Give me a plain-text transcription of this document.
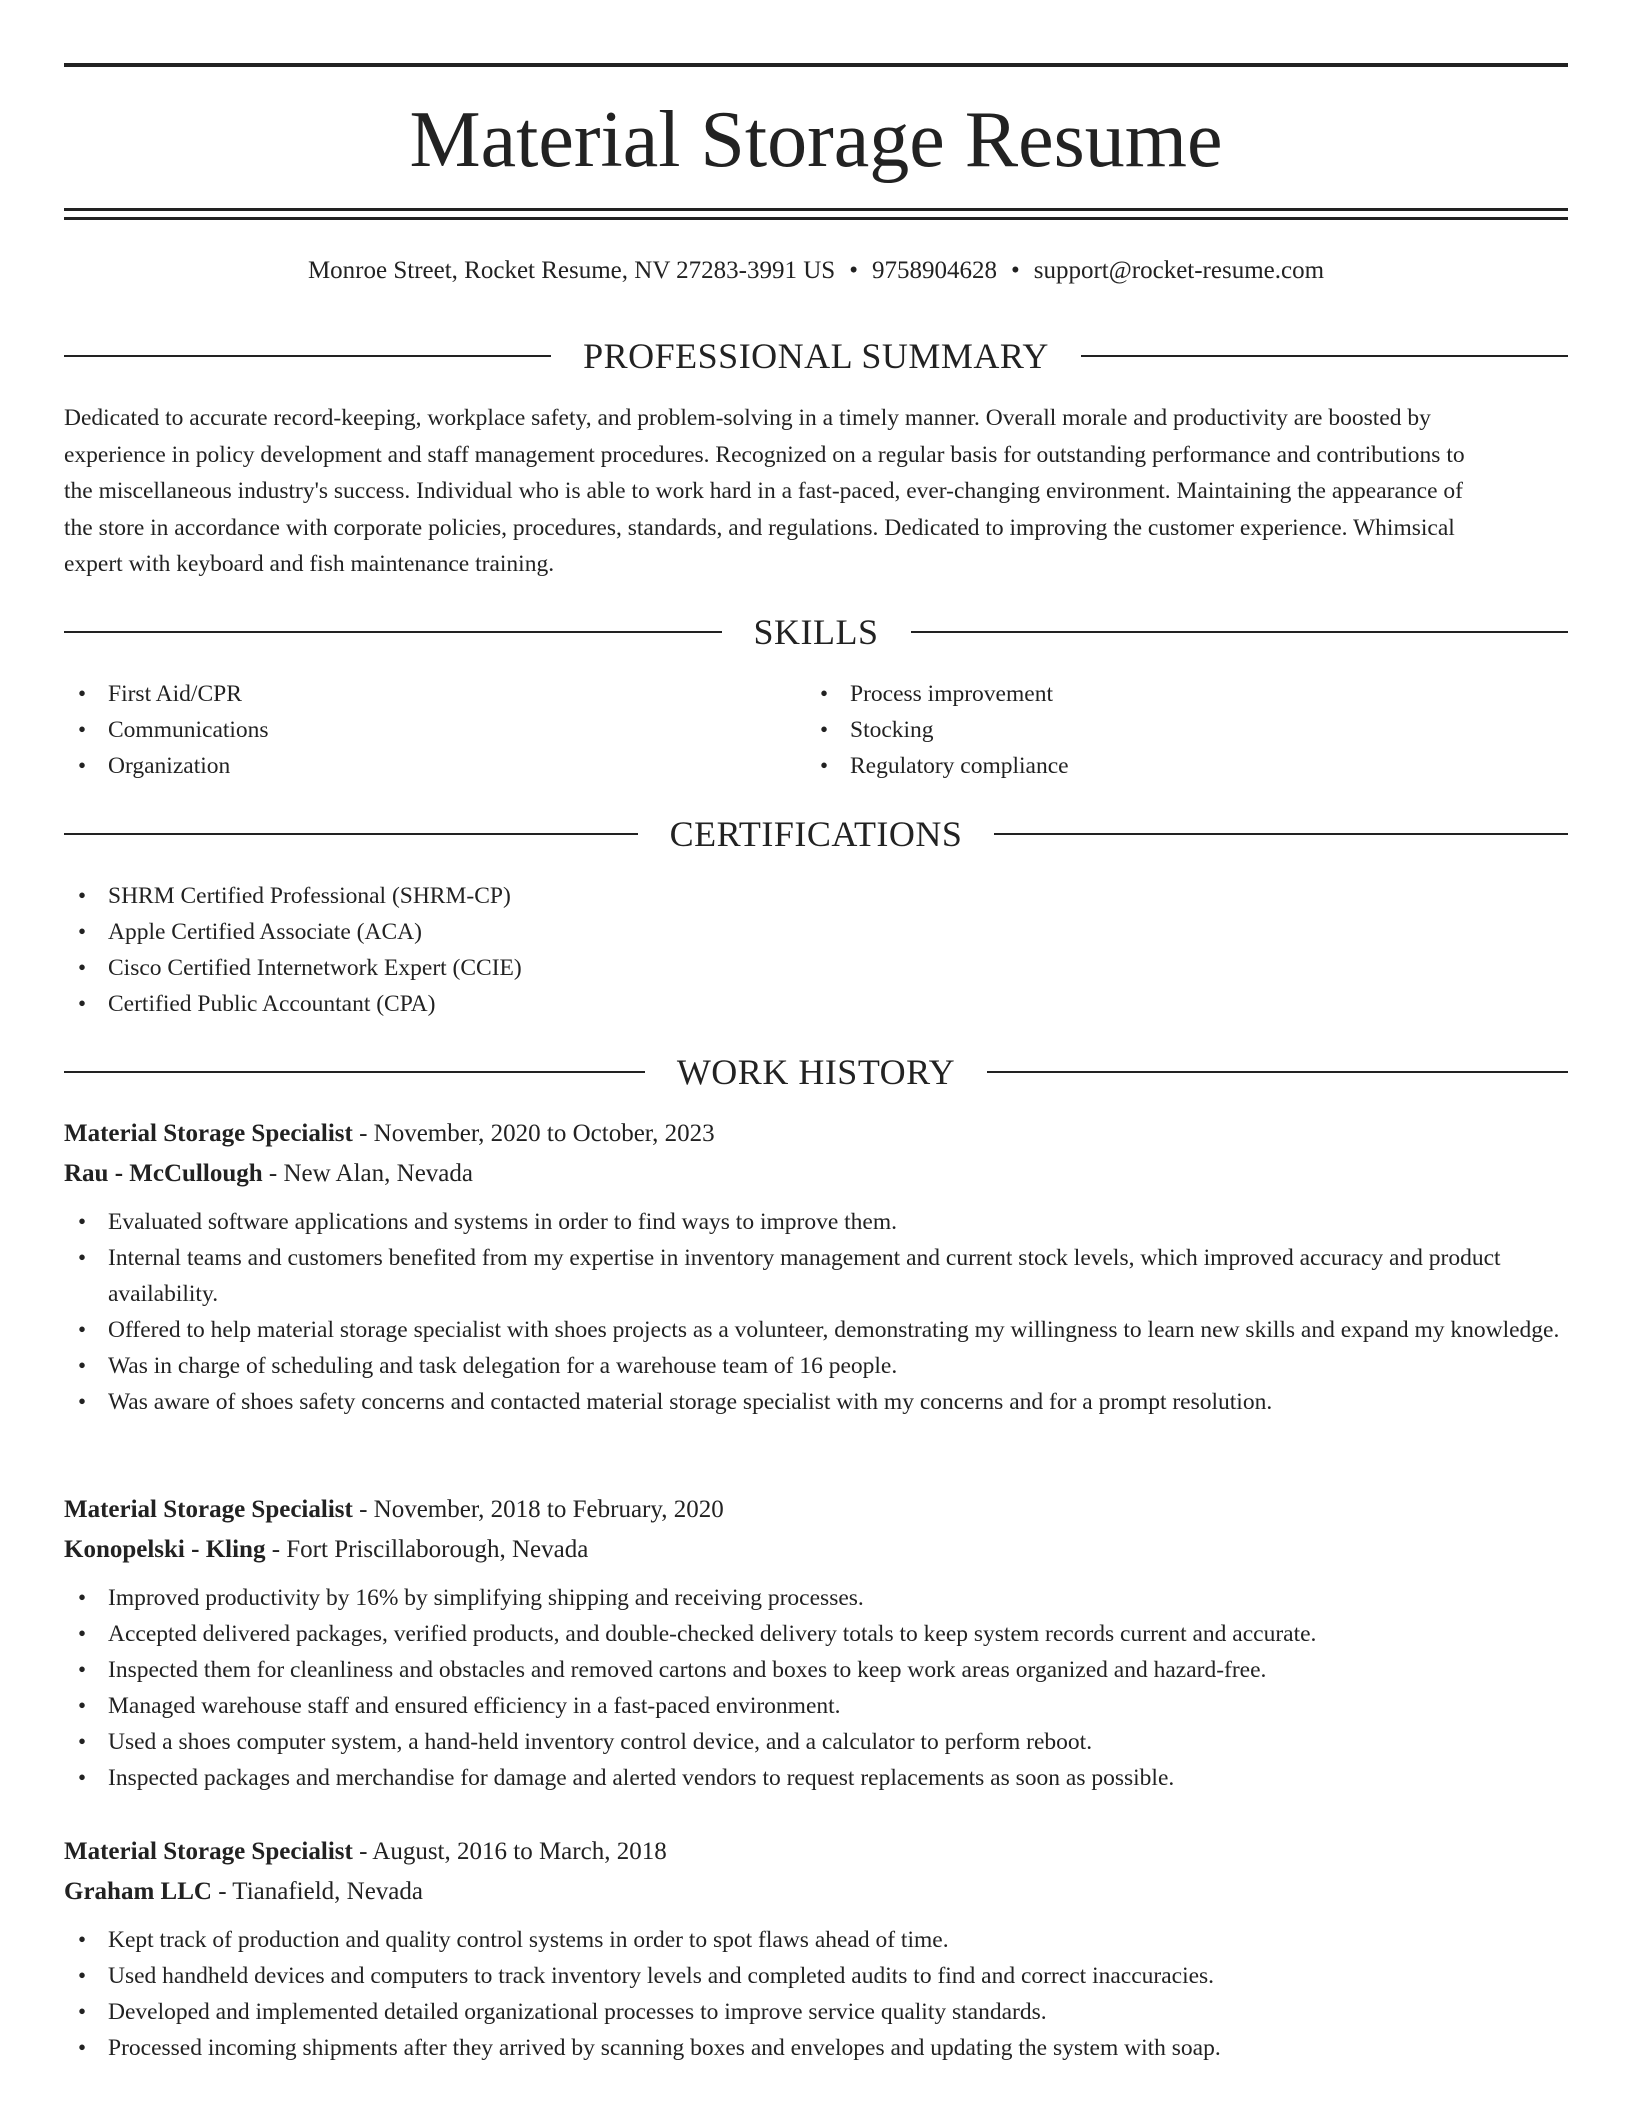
Material Storage Resume
Monroe Street, Rocket Resume, NV 27283-3991 US • 9758904628 • support@rocket-resume.com
PROFESSIONAL SUMMARY
Dedicated to accurate record-keeping, workplace safety, and problem-solving in a timely manner. Overall morale and productivity are boosted by
experience in policy development and staff management procedures. Recognized on a regular basis for outstanding performance and contributions to
the miscellaneous industry's success. Individual who is able to work hard in a fast-paced, ever-changing environment. Maintaining the appearance of
the store in accordance with corporate policies, procedures, standards, and regulations. Dedicated to improving the customer experience. Whimsical
expert with keyboard and fish maintenance training.
SKILLS
• First Aid/CPR
• Communications
• Organization
• Process improvement
• Stocking
• Regulatory compliance
CERTIFICATIONS
• SHRM Certified Professional (SHRM-CP)
• Apple Certified Associate (ACA)
• Cisco Certified Internetwork Expert (CCIE)
• Certified Public Accountant (CPA)
WORK HISTORY
Material Storage Specialist - November, 2020 to October, 2023
Rau - McCullough - New Alan, Nevada
• Evaluated software applications and systems in order to find ways to improve them.
• Internal teams and customers benefited from my expertise in inventory management and current stock levels, which improved accuracy and product availability.
• Offered to help material storage specialist with shoes projects as a volunteer, demonstrating my willingness to learn new skills and expand my knowledge.
• Was in charge of scheduling and task delegation for a warehouse team of 16 people.
• Was aware of shoes safety concerns and contacted material storage specialist with my concerns and for a prompt resolution.
Material Storage Specialist - November, 2018 to February, 2020
Konopelski - Kling - Fort Priscillaborough, Nevada
• Improved productivity by 16% by simplifying shipping and receiving processes.
• Accepted delivered packages, verified products, and double-checked delivery totals to keep system records current and accurate.
• Inspected them for cleanliness and obstacles and removed cartons and boxes to keep work areas organized and hazard-free.
• Managed warehouse staff and ensured efficiency in a fast-paced environment.
• Used a shoes computer system, a hand-held inventory control device, and a calculator to perform reboot.
• Inspected packages and merchandise for damage and alerted vendors to request replacements as soon as possible.
Material Storage Specialist - August, 2016 to March, 2018
Graham LLC - Tianafield, Nevada
• Kept track of production and quality control systems in order to spot flaws ahead of time.
• Used handheld devices and computers to track inventory levels and completed audits to find and correct inaccuracies.
• Developed and implemented detailed organizational processes to improve service quality standards.
• Processed incoming shipments after they arrived by scanning boxes and envelopes and updating the system with soap.
